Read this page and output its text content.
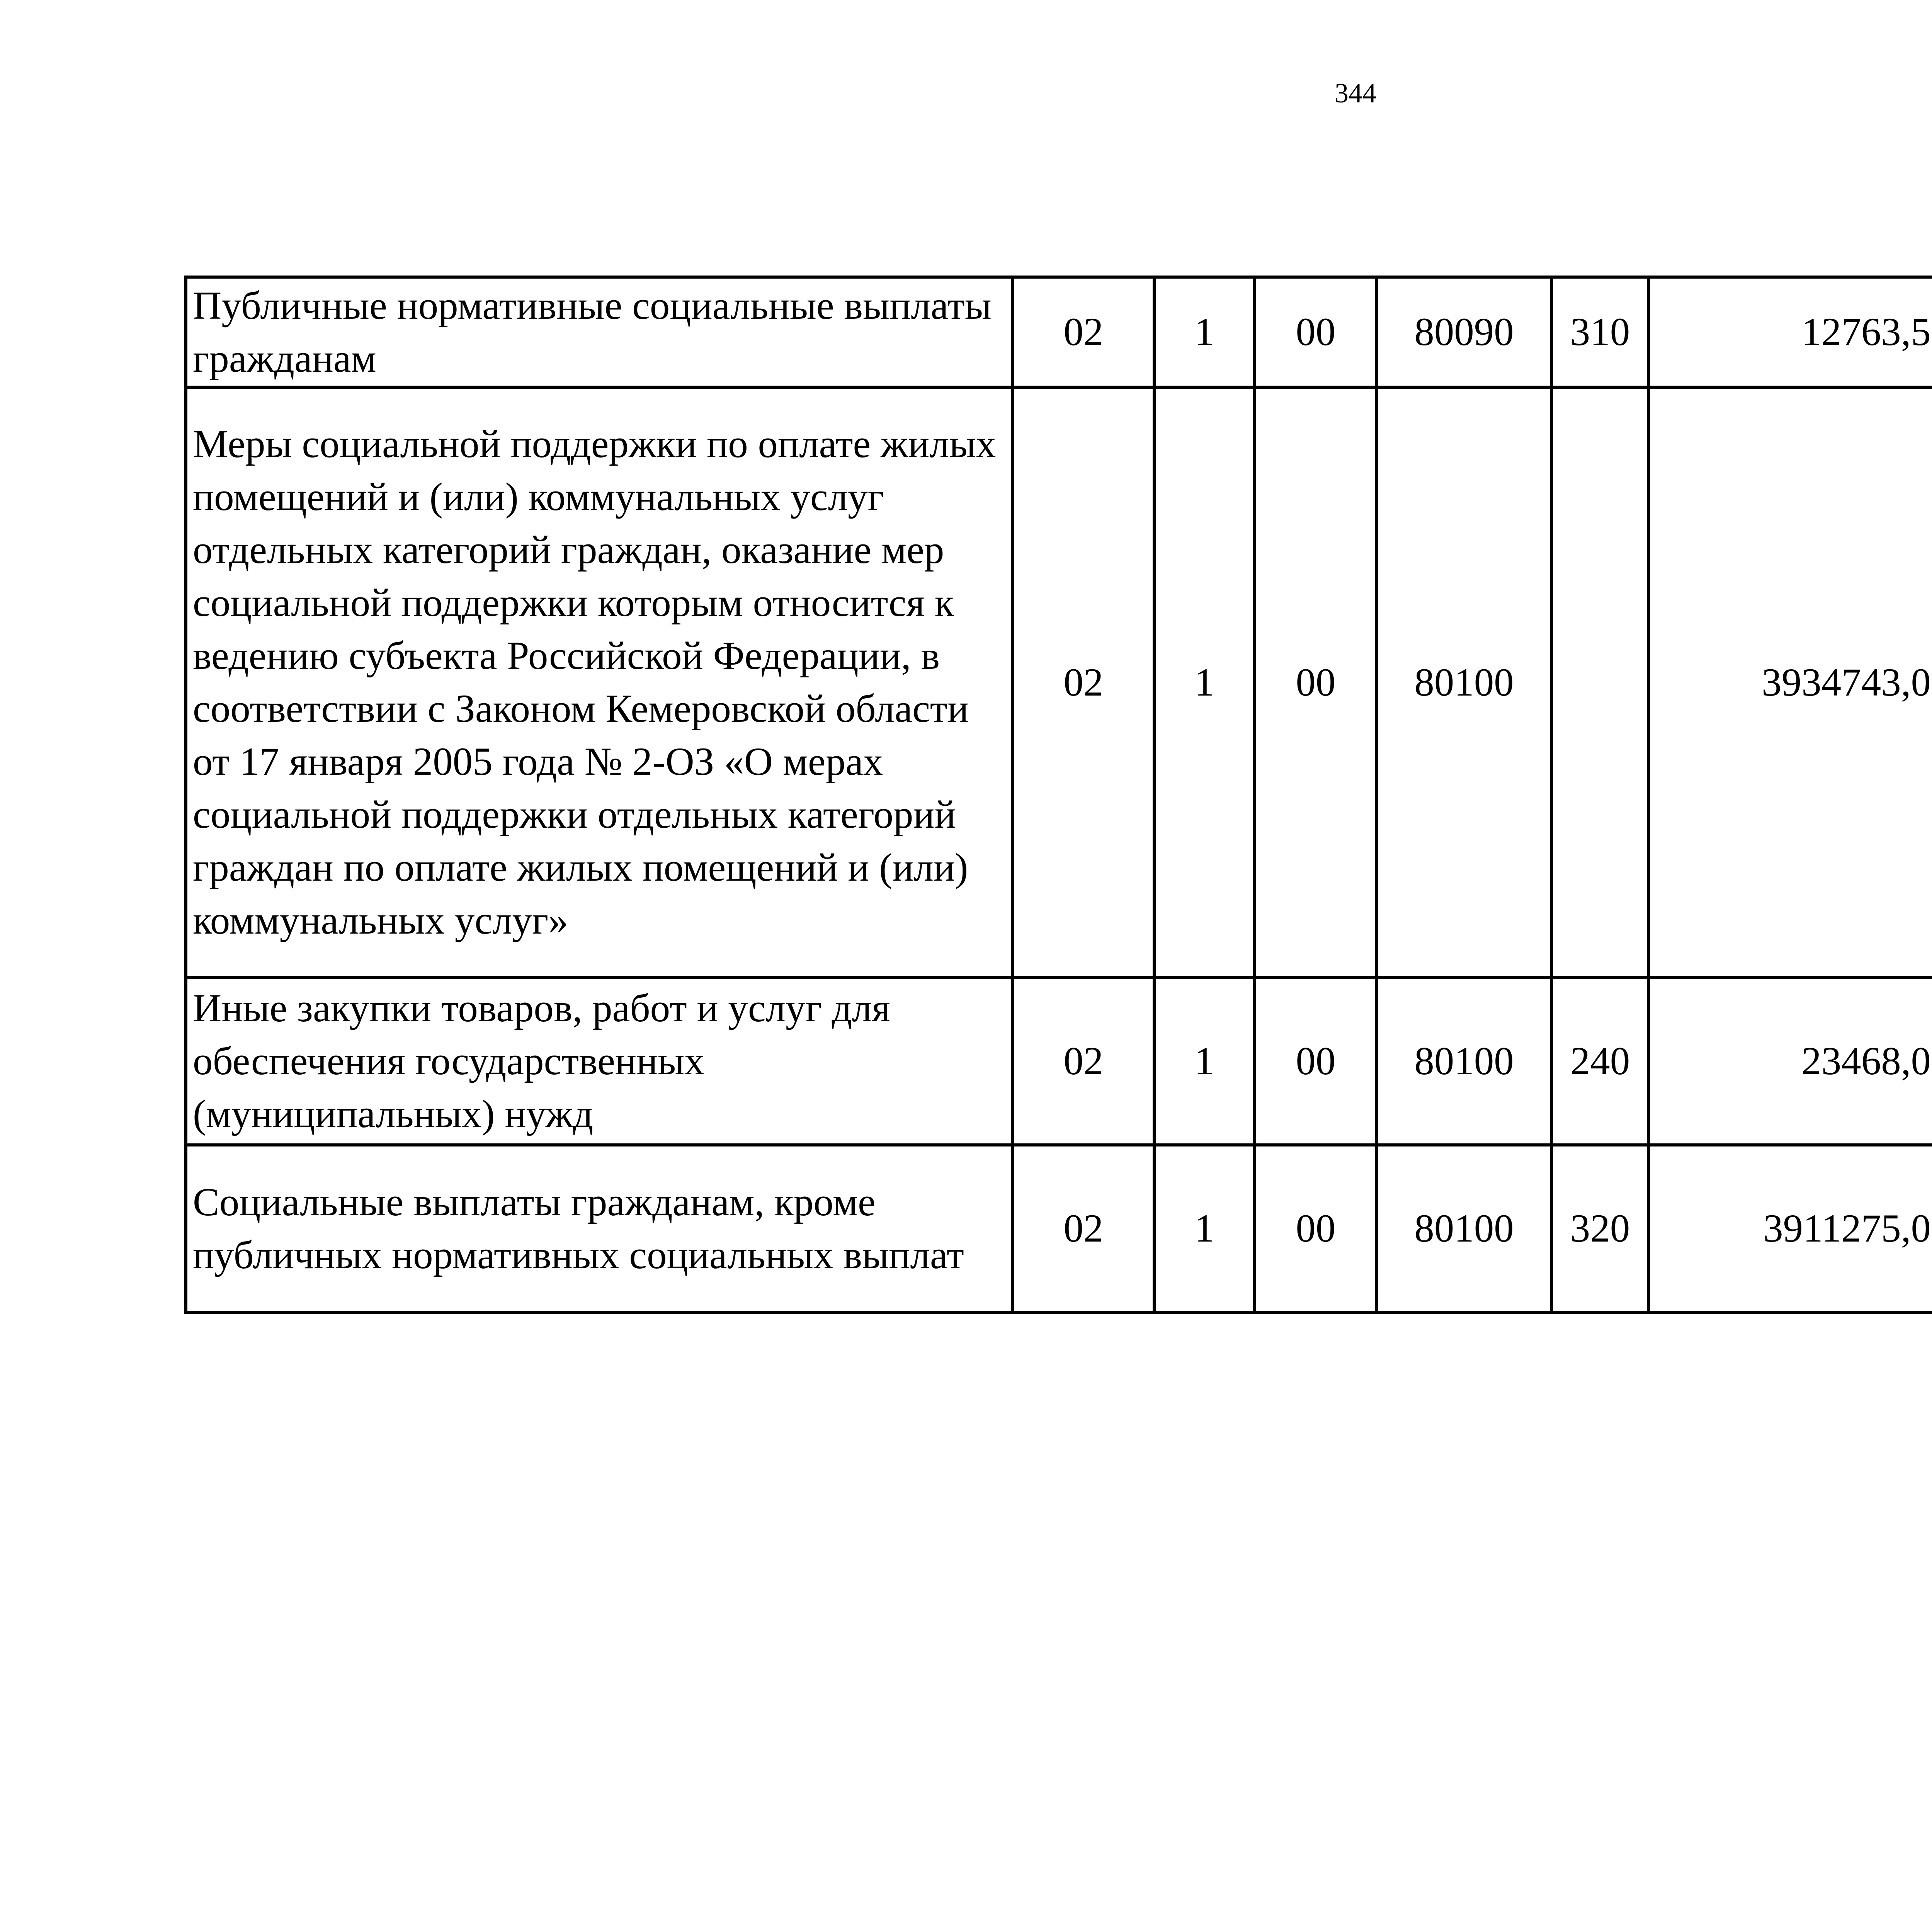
344
Публичные нормативные социальные выплаты гражданам	02	1	00	80090	310	12763,5		
Меры социальной поддержки по оплате жилых помещений и (или) коммунальных услуг отдельных категорий граждан, оказание мер социальной поддержки которым относится к ведению субъекта Российской Федерации, в соответствии с Законом Кемеровской области от 17 января 2005 года № 2-ОЗ «О мерах социальной поддержки отдельных категорий граждан по оплате жилых помещений и (или) коммунальных услуг»	02	1	00	80100		3934743,0		
Иные закупки товаров, работ и услуг для обеспечения государственных (муниципальных) нужд	02	1	00	80100	240	23468,0		
Социальные выплаты гражданам, кроме публичных нормативных социальных выплат	02	1	00	80100	320	3911275,0		
